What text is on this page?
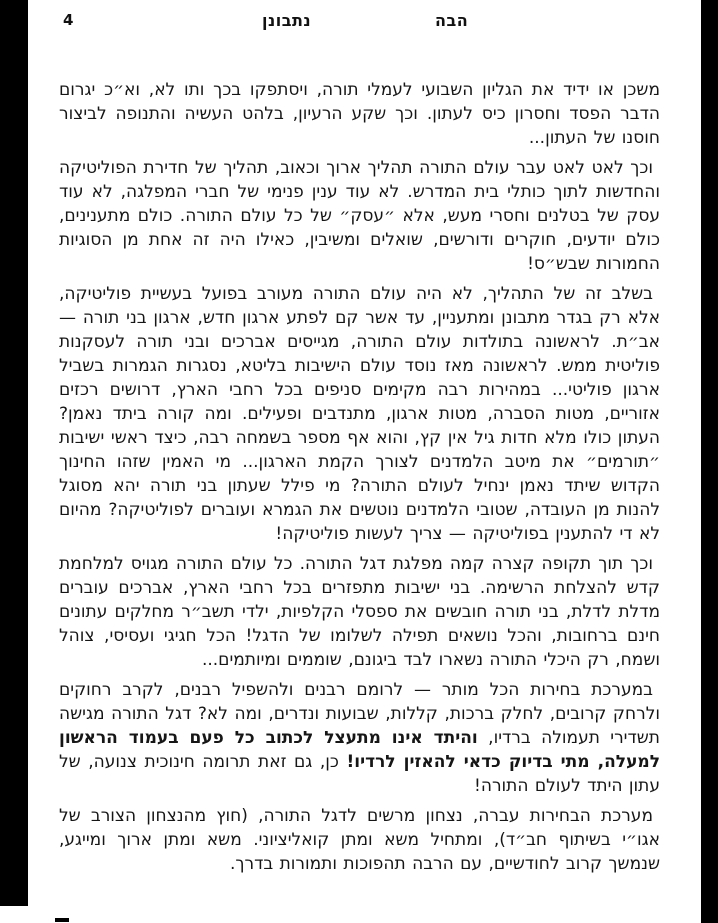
4	הבה
נתבונן

משכן או ידיד את הגליון השבועי לעמלי תורה, ויסתפקו בכך ותו לא, וא״כ יגרום הדבר הפסד וחסרון כיס לעתון. וכך שקע הרעיון, בלהט העשיה והתנופה לביצור חוסנו של העתון...

וכך לאט לאט עבר עולם התורה תהליך ארוך וכאוב, תהליך של חדירת הפוליטיקה והחדשות לתוך כותלי בית המדרש. לא עוד ענין פנימי של חברי המפלגה, לא עוד עסק של בטלנים וחסרי מעש, אלא ״עסק״ של כל עולם התורה. כולם מתענינים, כולם יודעים, חוקרים ודורשים, שואלים ומשיבין, כאילו היה זה אחת מן הסוגיות החמורות שבש״ס!

בשלב זה של התהליך, לא היה עולם התורה מעורב בפועל בעשיית פוליטיקה, אלא רק בגדר מתבונן ומתעניין, עד אשר קם לפתע ארגון חדש, ארגון בני תורה — אב״ת. לראשונה בתולדות עולם התורה, מגייסים אברכים ובני תורה לעסקנות פוליטית ממש. לראשונה מאז נוסד עולם הישיבות בליטא, נסגרות הגמרות בשביל ארגון פוליטי... במהירות רבה מקימים סניפים בכל רחבי הארץ, דרושים רכזים אזוריים, מטות הסברה, מטות ארגון, מתנדבים ופעילים. ומה קורה ביתד נאמן? העתון כולו מלא חדות גיל אין קץ, והוא אף מספר בשמחה רבה, כיצד ראשי ישיבות ״תורמים״ את מיטב הלמדנים לצורך הקמת הארגון... מי האמין שזהו החינוך הקדוש שיתד נאמן ינחיל לעולם התורה? מי פילל שעתון בני תורה יהא מסוגל להנות מן העובדה, שטובי הלמדנים נוטשים את הגמרא ועוברים לפוליטיקה? מהיום לא די להתענין בפוליטיקה — צריך לעשות פוליטיקה!

וכך תוך תקופה קצרה קמה מפלגת דגל התורה. כל עולם התורה מגויס למלחמת קדש להצלחת הרשימה. בני ישיבות מתפזרים בכל רחבי הארץ, אברכים עוברים מדלת לדלת, בני תורה חובשים את ספסלי הקלפיות, ילדי תשב״ר מחלקים עתונים חינם ברחובות, והכל נושאים תפילה לשלומו של הדגל! הכל חגיגי ועסיסי, צוהל ושמח, רק היכלי התורה נשארו לבד ביגונם, שוממים ומיותמים...

במערכת בחירות הכל מותר — לרומם רבנים ולהשפיל רבנים, לקרב רחוקים ולרחק קרובים, לחלק ברכות, קללות, שבועות ונדרים, ומה לא? דגל התורה מגישה תשדירי תעמולה ברדיו, והיתד אינו מתעצל לכתוב כל פעם בעמוד הראשון למעלה, מתי בדיוק כדאי להאזין לרדיו! כן, גם זאת תרומה חינוכית צנועה, של עתון היתד לעולם התורה!

מערכת הבחירות עברה, נצחון מרשים לדגל התורה, (חוץ מהנצחון הצורב של אגו״י בשיתוף חב״ד), ומתחיל משא ומתן קואליציוני. משא ומתן ארוך ומייגע, שנמשך קרוב לחודשיים, עם הרבה תהפוכות ותמורות בדרך.
